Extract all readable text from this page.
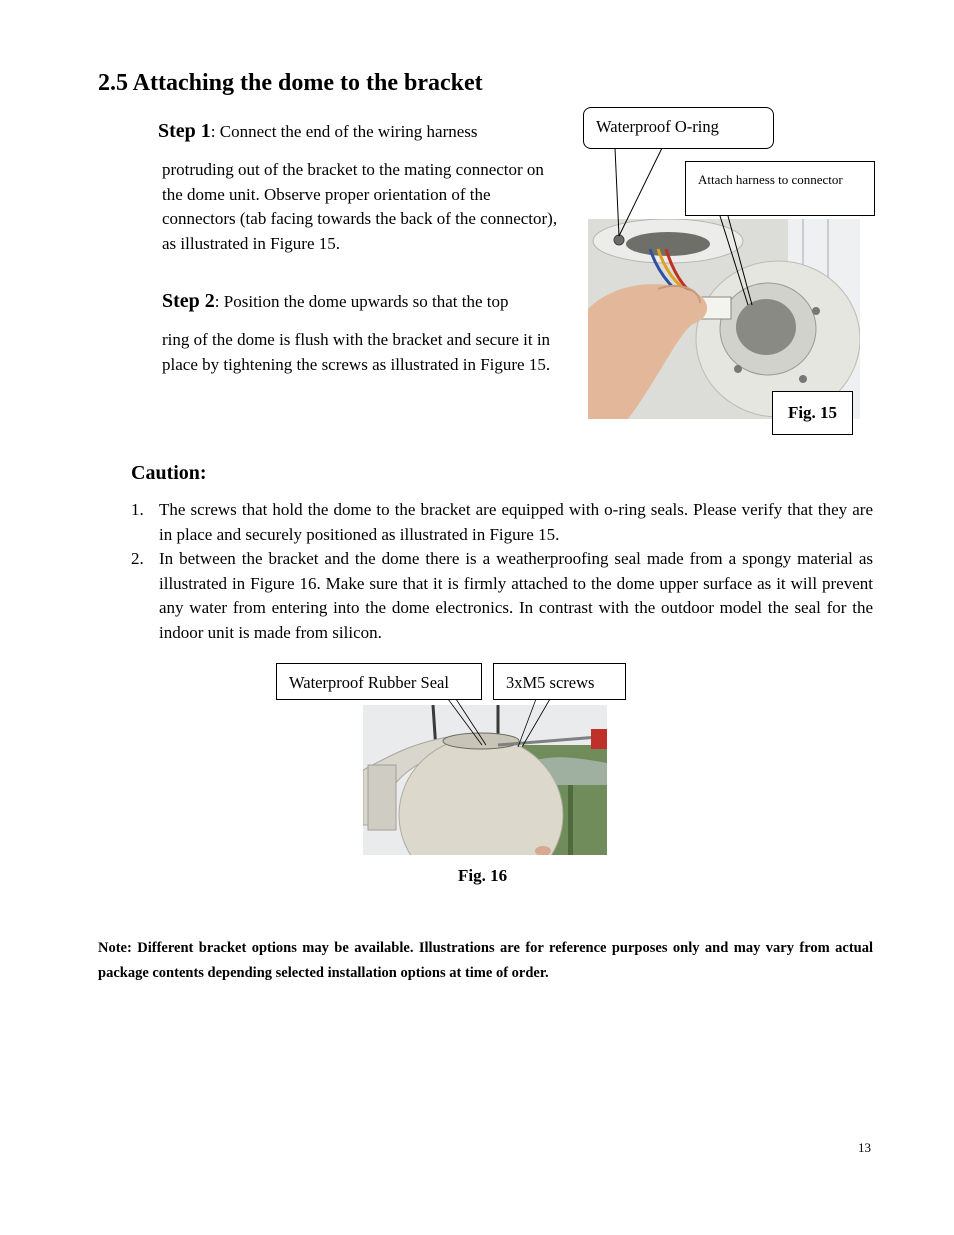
2.5 Attaching the dome to the bracket
Step 1: Connect the end of the wiring harness
protruding out of the bracket to the mating connector on the dome unit. Observe proper orientation of the connectors (tab facing towards the back of the connector), as illustrated in Figure 15.
Step 2: Position the dome upwards so that the top
ring of the dome is flush with the bracket and secure it in place by tightening the screws as illustrated in Figure 15.
Waterproof O-ring
Attach harness to connector
Fig. 15
Caution:
1. The screws that hold the dome to the bracket are equipped with o-ring seals. Please verify that they are in place and securely positioned as illustrated in Figure 15.
2. In between the bracket and the dome there is a weatherproofing seal made from a spongy material as illustrated in Figure 16. Make sure that it is firmly attached to the dome upper surface as it will prevent any water from entering into the dome electronics. In contrast with the outdoor model the seal for the indoor unit is made from silicon.
Waterproof Rubber Seal	3xM5 screws
Fig. 16
Note: Different bracket options may be available. Illustrations are for reference purposes only and may vary from actual package contents depending selected installation options at time of order.
13
